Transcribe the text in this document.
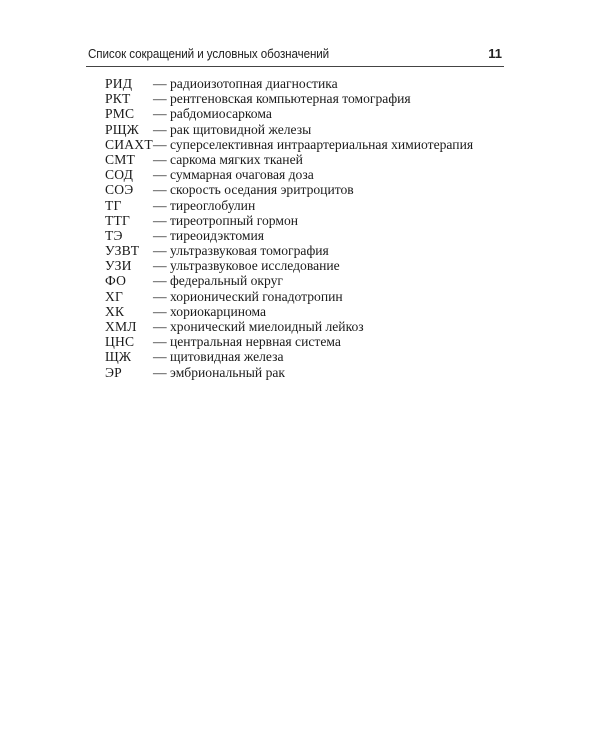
Список сокращений и условных обозначений	11
РИД — радиоизотопная диагностика
РКТ — рентгеновская компьютерная томография
РМС — рабдомиосаркома
РЩЖ — рак щитовидной железы
СИАХТ — суперселективная интраартериальная химиотерапия
СМТ — саркома мягких тканей
СОД — суммарная очаговая доза
СОЭ — скорость оседания эритроцитов
ТГ — тиреоглобулин
ТТГ — тиреотропный гормон
ТЭ — тиреоидэктомия
УЗВТ — ультразвуковая томография
УЗИ — ультразвуковое исследование
ФО — федеральный округ
ХГ — хорионический гонадотропин
ХК — хориокарцинома
ХМЛ — хронический миелоидный лейкоз
ЦНС — центральная нервная система
ЩЖ — щитовидная железа
ЭР — эмбриональный рак
